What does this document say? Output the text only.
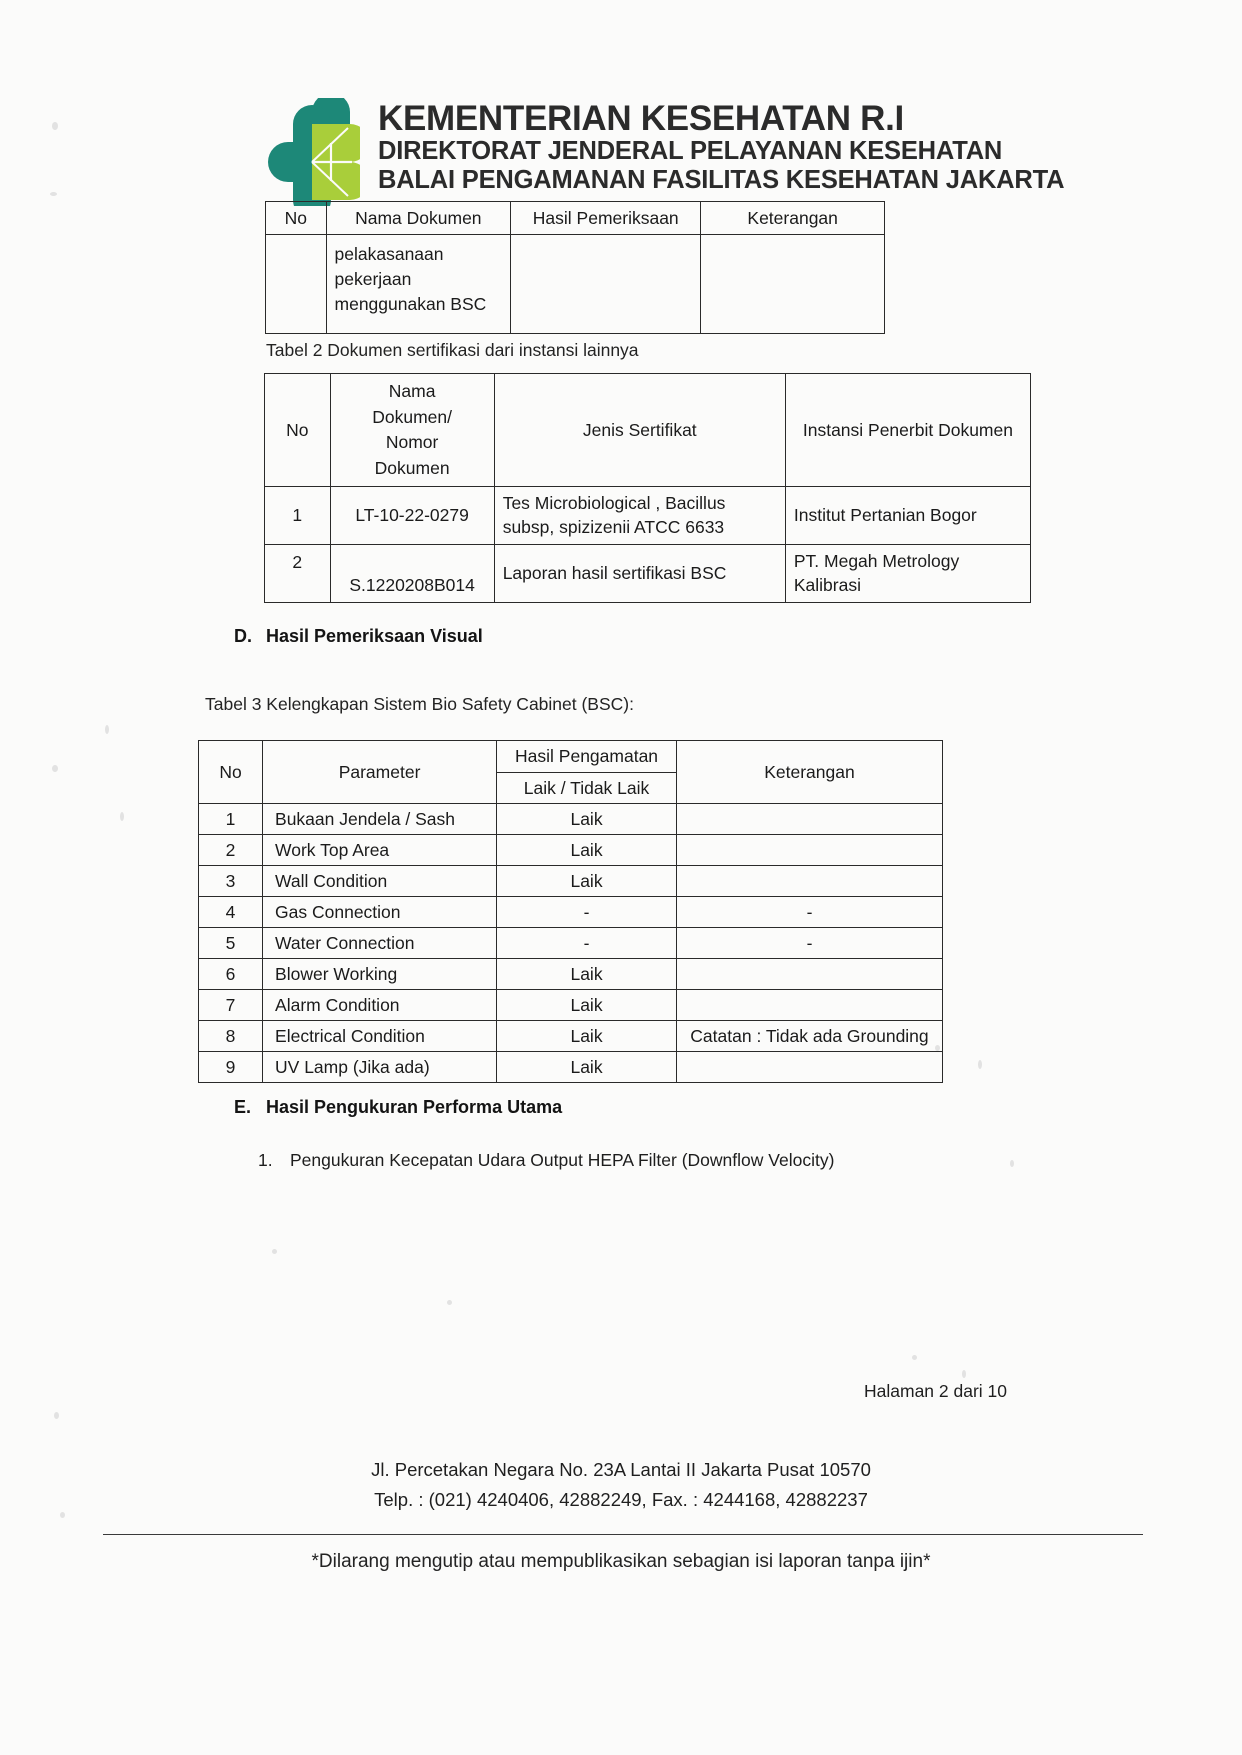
KEMENTERIAN KESEHATAN R.I
DIREKTORAT JENDERAL PELAYANAN KESEHATAN
BALAI PENGAMANAN FASILITAS KESEHATAN JAKARTA
No	Nama Dokumen	Hasil Pemeriksaan	Keterangan

	pelakasanaan
pekerjaan
menggunakan BSC		

Tabel 2 Dokumen sertifikasi dari instansi lainnya
No	Nama
Dokumen/
Nomor
Dokumen	Jenis Sertifikat	Instansi Penerbit Dokumen
1	LT-10-22-0279	Tes Microbiological , Bacillus subsp, spizizenii ATCC 6633	Institut Pertanian Bogor
2	S.1220208B014	Laporan hasil sertifikasi BSC	PT. Megah Metrology Kalibrasi
D. Hasil Pemeriksaan Visual
Tabel 3 Kelengkapan Sistem Bio Safety Cabinet (BSC):
No	Parameter	Hasil Pengamatan	Keterangan
		Laik / Tidak Laik	
1	Bukaan Jendela / Sash	Laik	
2	Work Top Area	Laik	
3	Wall Condition	Laik	
4	Gas Connection	-	-
5	Water Connection	-	-
6	Blower Working	Laik	
7	Alarm Condition	Laik	
8	Electrical Condition	Laik	Catatan : Tidak ada Grounding
9	UV Lamp (Jika ada)	Laik	
E. Hasil Pengukuran Performa Utama
1. Pengukuran Kecepatan Udara Output HEPA Filter (Downflow Velocity)
Halaman 2 dari 10
Jl. Percetakan Negara No. 23A Lantai II Jakarta Pusat 10570
Telp. : (021) 4240406, 42882249, Fax. : 4244168, 42882237
*Dilarang mengutip atau mempublikasikan sebagian isi laporan tanpa ijin*
